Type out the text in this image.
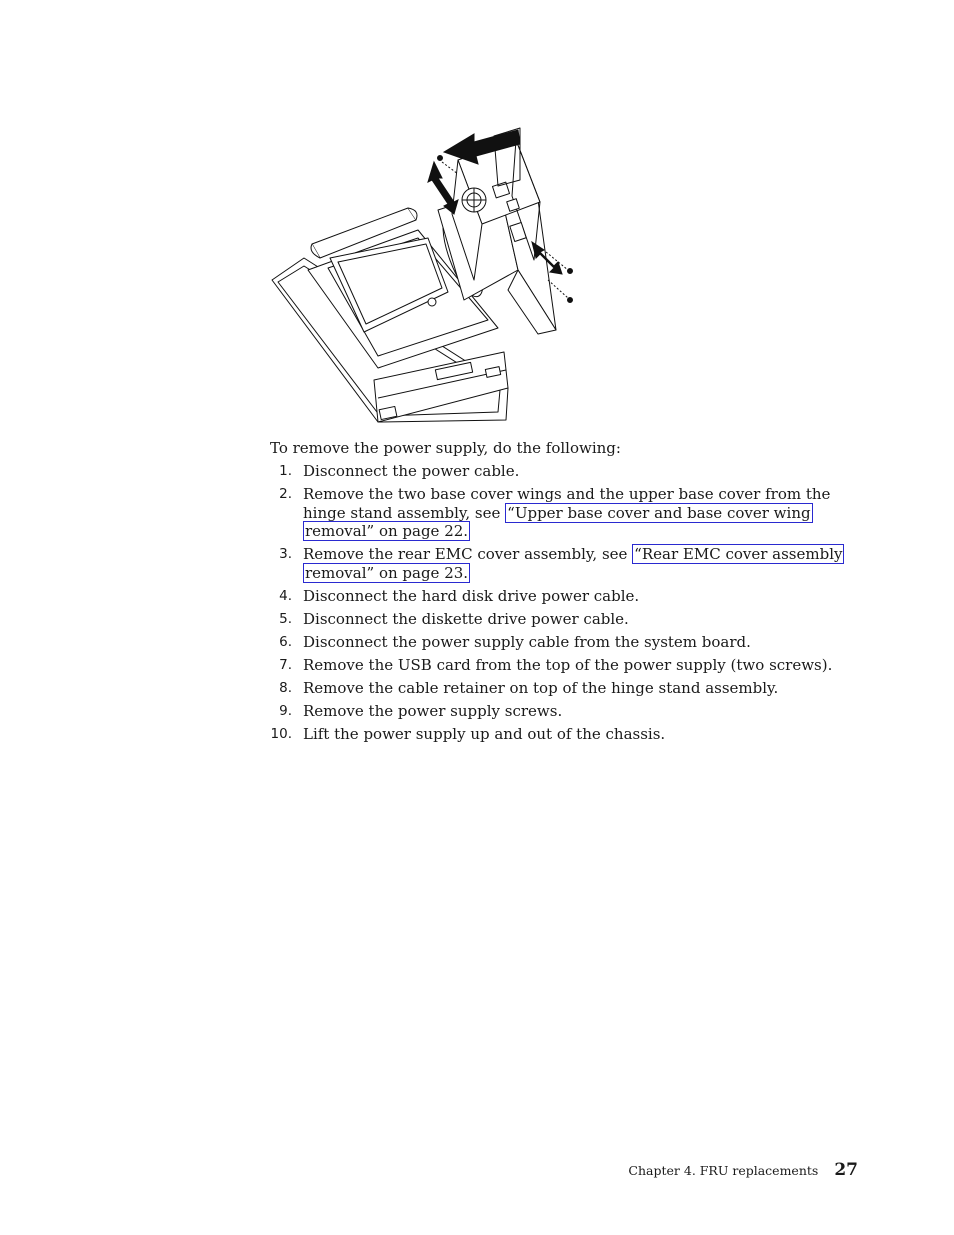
To remove the power supply, do the following:

1. Disconnect the power cable.
2. Remove the two base cover wings and the upper base cover from the hinge stand assembly, see “Upper base cover and base cover wing removal” on page 22.
3. Remove the rear EMC cover assembly, see “Rear EMC cover assembly removal” on page 23.
4. Disconnect the hard disk drive power cable.
5. Disconnect the diskette drive power cable.
6. Disconnect the power supply cable from the system board.
7. Remove the USB card from the top of the power supply (two screws).
8. Remove the cable retainer on top of the hinge stand assembly.
9. Remove the power supply screws.
10. Lift the power supply up and out of the chassis.
Chapter 4. FRU replacements 27
